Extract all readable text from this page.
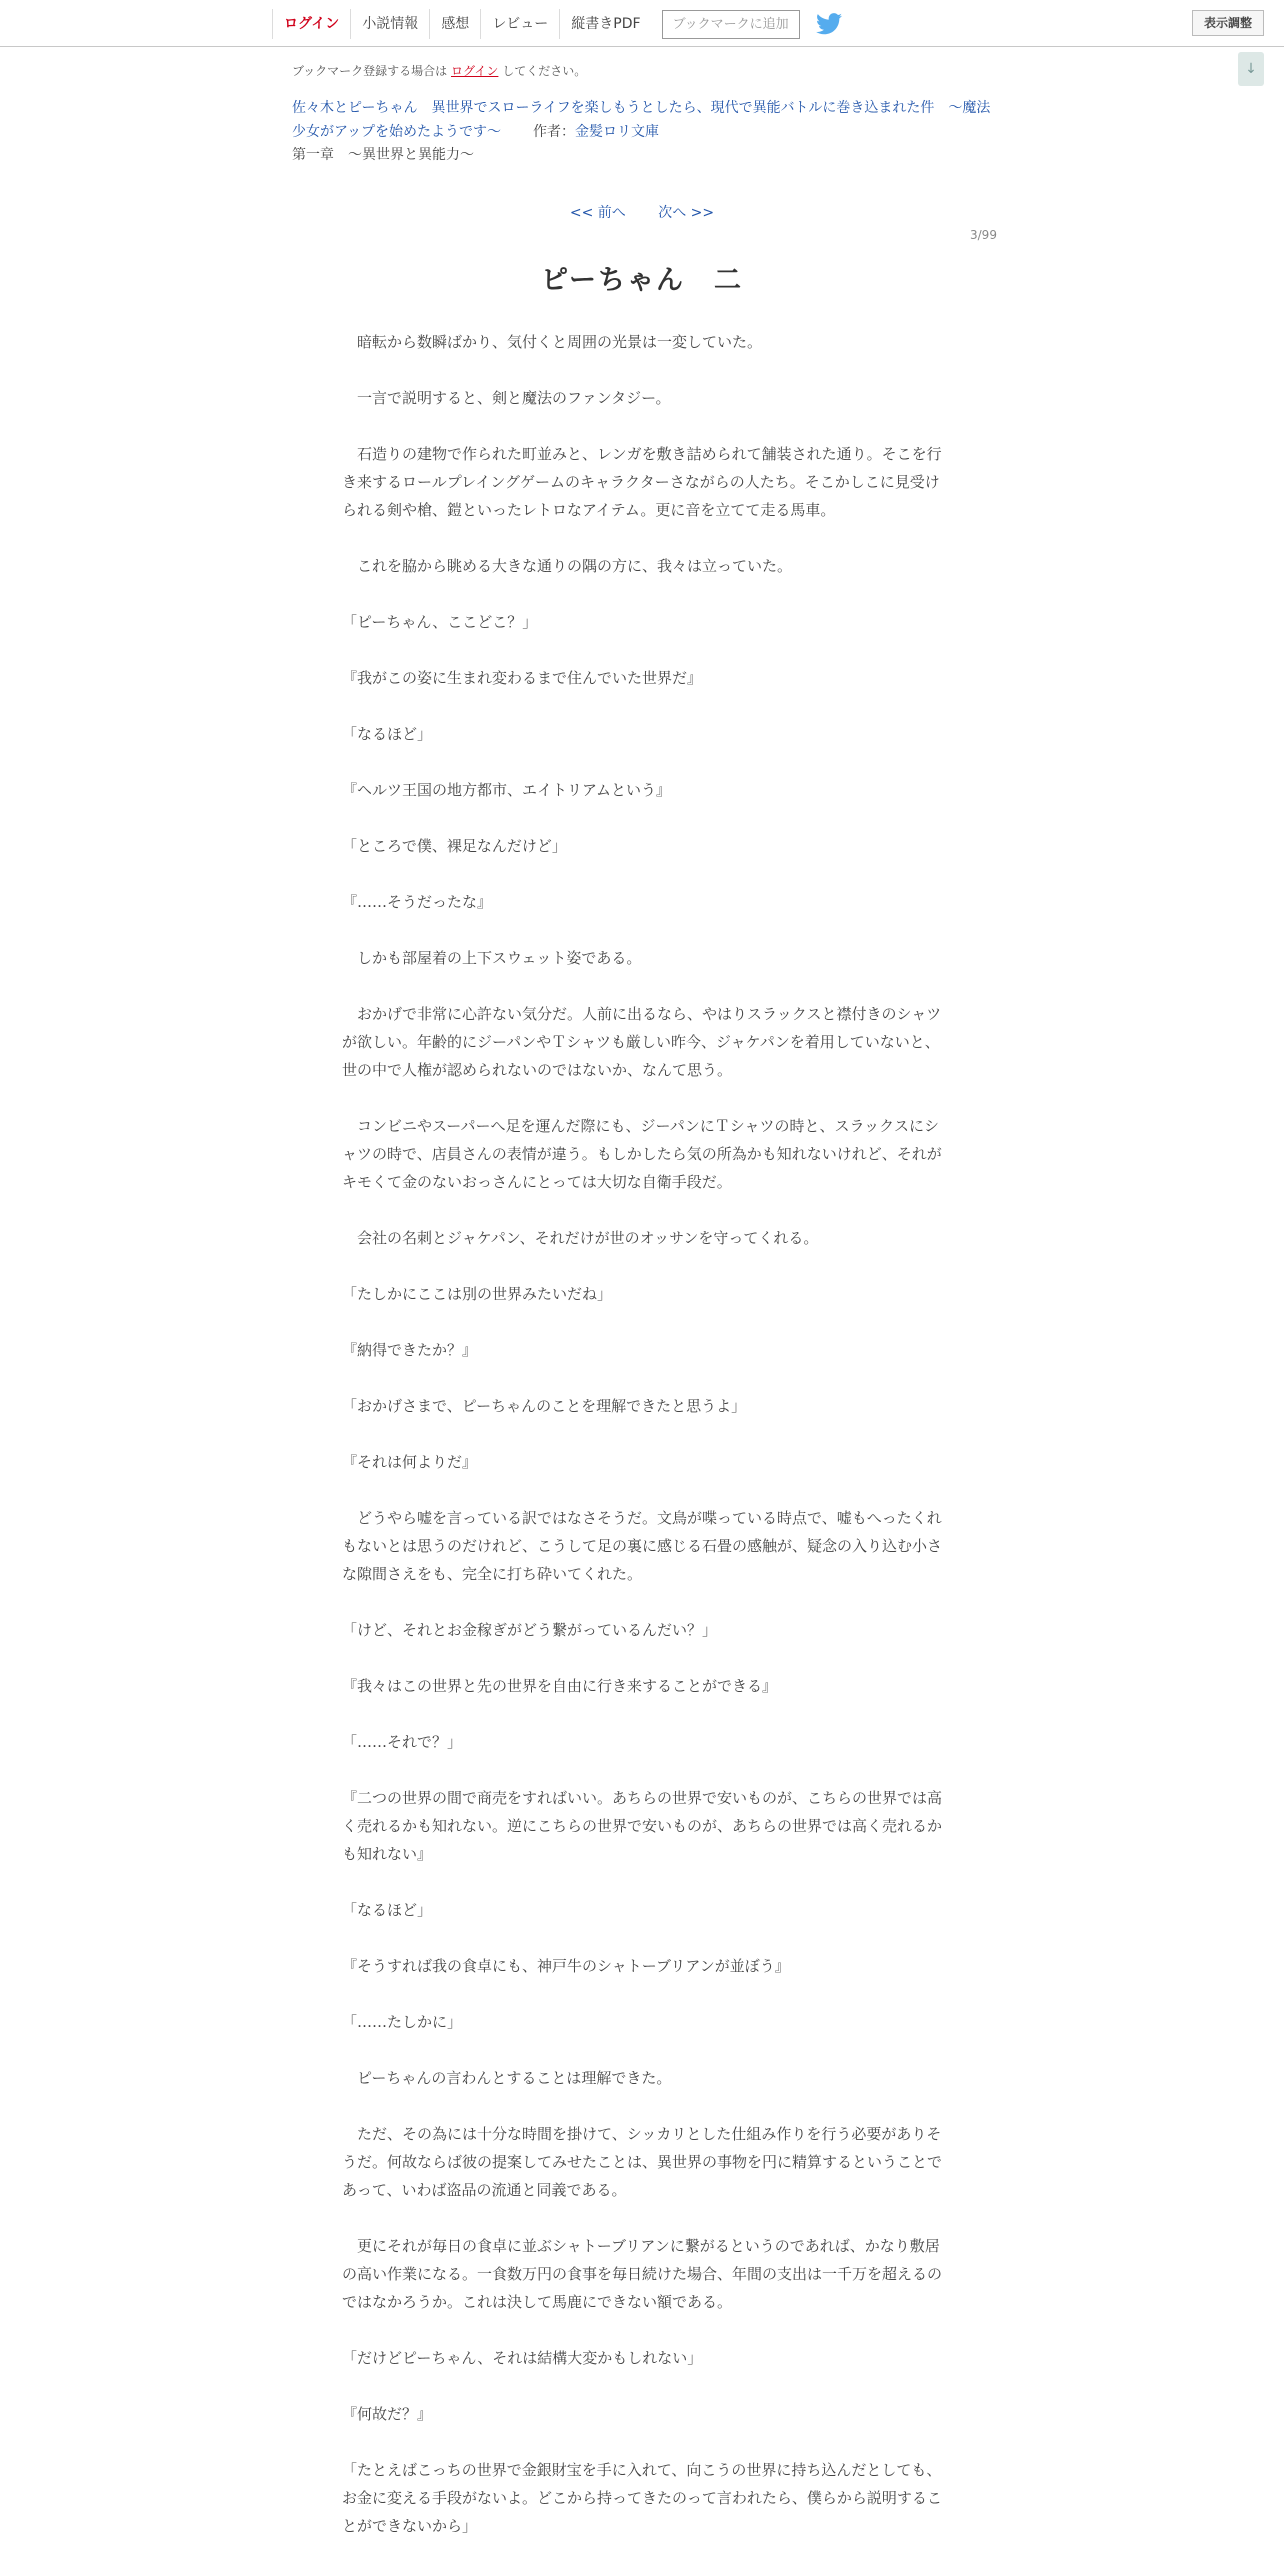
ログイン	小説情報	感想	レビュー	縦書きPDF	ブックマークに追加	表示調整
↓
ブックマーク登録する場合は ログイン してください。
佐々木とピーちゃん　異世界でスローライフを楽しもうとしたら、現代で異能バトルに巻き込まれた件　～魔法少女がアップを始めたようです～ 作者：金髪ロリ文庫
第一章　～異世界と異能力～
<< 前へ 次へ >>
3/99
ピーちゃん　二

　暗転から数瞬ばかり、気付くと周囲の光景は一変していた。

　一言で説明すると、剣と魔法のファンタジー。

　石造りの建物で作られた町並みと、レンガを敷き詰められて舗装された通り。そこを行き来するロールプレイングゲームのキャラクターさながらの人たち。そこかしこに見受けられる剣や槍、鎧といったレトロなアイテム。更に音を立てて走る馬車。

　これを脇から眺める大きな通りの隅の方に、我々は立っていた。

「ピーちゃん、ここどこ？」

『我がこの姿に生まれ変わるまで住んでいた世界だ』

「なるほど」

『ヘルツ王国の地方都市、エイトリアムという』

「ところで僕、裸足なんだけど」

『……そうだったな』

　しかも部屋着の上下スウェット姿である。

　おかげで非常に心許ない気分だ。人前に出るなら、やはりスラックスと襟付きのシャツが欲しい。年齢的にジーパンやＴシャツも厳しい昨今、ジャケパンを着用していないと、世の中で人権が認められないのではないか、なんて思う。

　コンビニやスーパーへ足を運んだ際にも、ジーパンにＴシャツの時と、スラックスにシャツの時で、店員さんの表情が違う。もしかしたら気の所為かも知れないけれど、それがキモくて金のないおっさんにとっては大切な自衛手段だ。

　会社の名刺とジャケパン、それだけが世のオッサンを守ってくれる。

「たしかにここは別の世界みたいだね」

『納得できたか？』

「おかげさまで、ピーちゃんのことを理解できたと思うよ」

『それは何よりだ』

　どうやら嘘を言っている訳ではなさそうだ。文鳥が喋っている時点で、嘘もへったくれもないとは思うのだけれど、こうして足の裏に感じる石畳の感触が、疑念の入り込む小さな隙間さえをも、完全に打ち砕いてくれた。

「けど、それとお金稼ぎがどう繋がっているんだい？」

『我々はこの世界と先の世界を自由に行き来することができる』

「……それで？」

『二つの世界の間で商売をすればいい。あちらの世界で安いものが、こちらの世界では高く売れるかも知れない。逆にこちらの世界で安いものが、あちらの世界では高く売れるかも知れない』

「なるほど」

『そうすれば我の食卓にも、神戸牛のシャトーブリアンが並ぼう』

「……たしかに」

　ピーちゃんの言わんとすることは理解できた。

　ただ、その為には十分な時間を掛けて、シッカリとした仕組み作りを行う必要がありそうだ。何故ならば彼の提案してみせたことは、異世界の事物を円に精算するということであって、いわば盗品の流通と同義である。

　更にそれが毎日の食卓に並ぶシャトーブリアンに繋がるというのであれば、かなり敷居の高い作業になる。一食数万円の食事を毎日続けた場合、年間の支出は一千万を超えるのではなかろうか。これは決して馬鹿にできない額である。

「だけどピーちゃん、それは結構大変かもしれない」

『何故だ？』

「たとえばこっちの世界で金銀財宝を手に入れて、向こうの世界に持ち込んだとしても、お金に変える手段がないよ。どこから持ってきたのって言われたら、僕らから説明することができないから」
